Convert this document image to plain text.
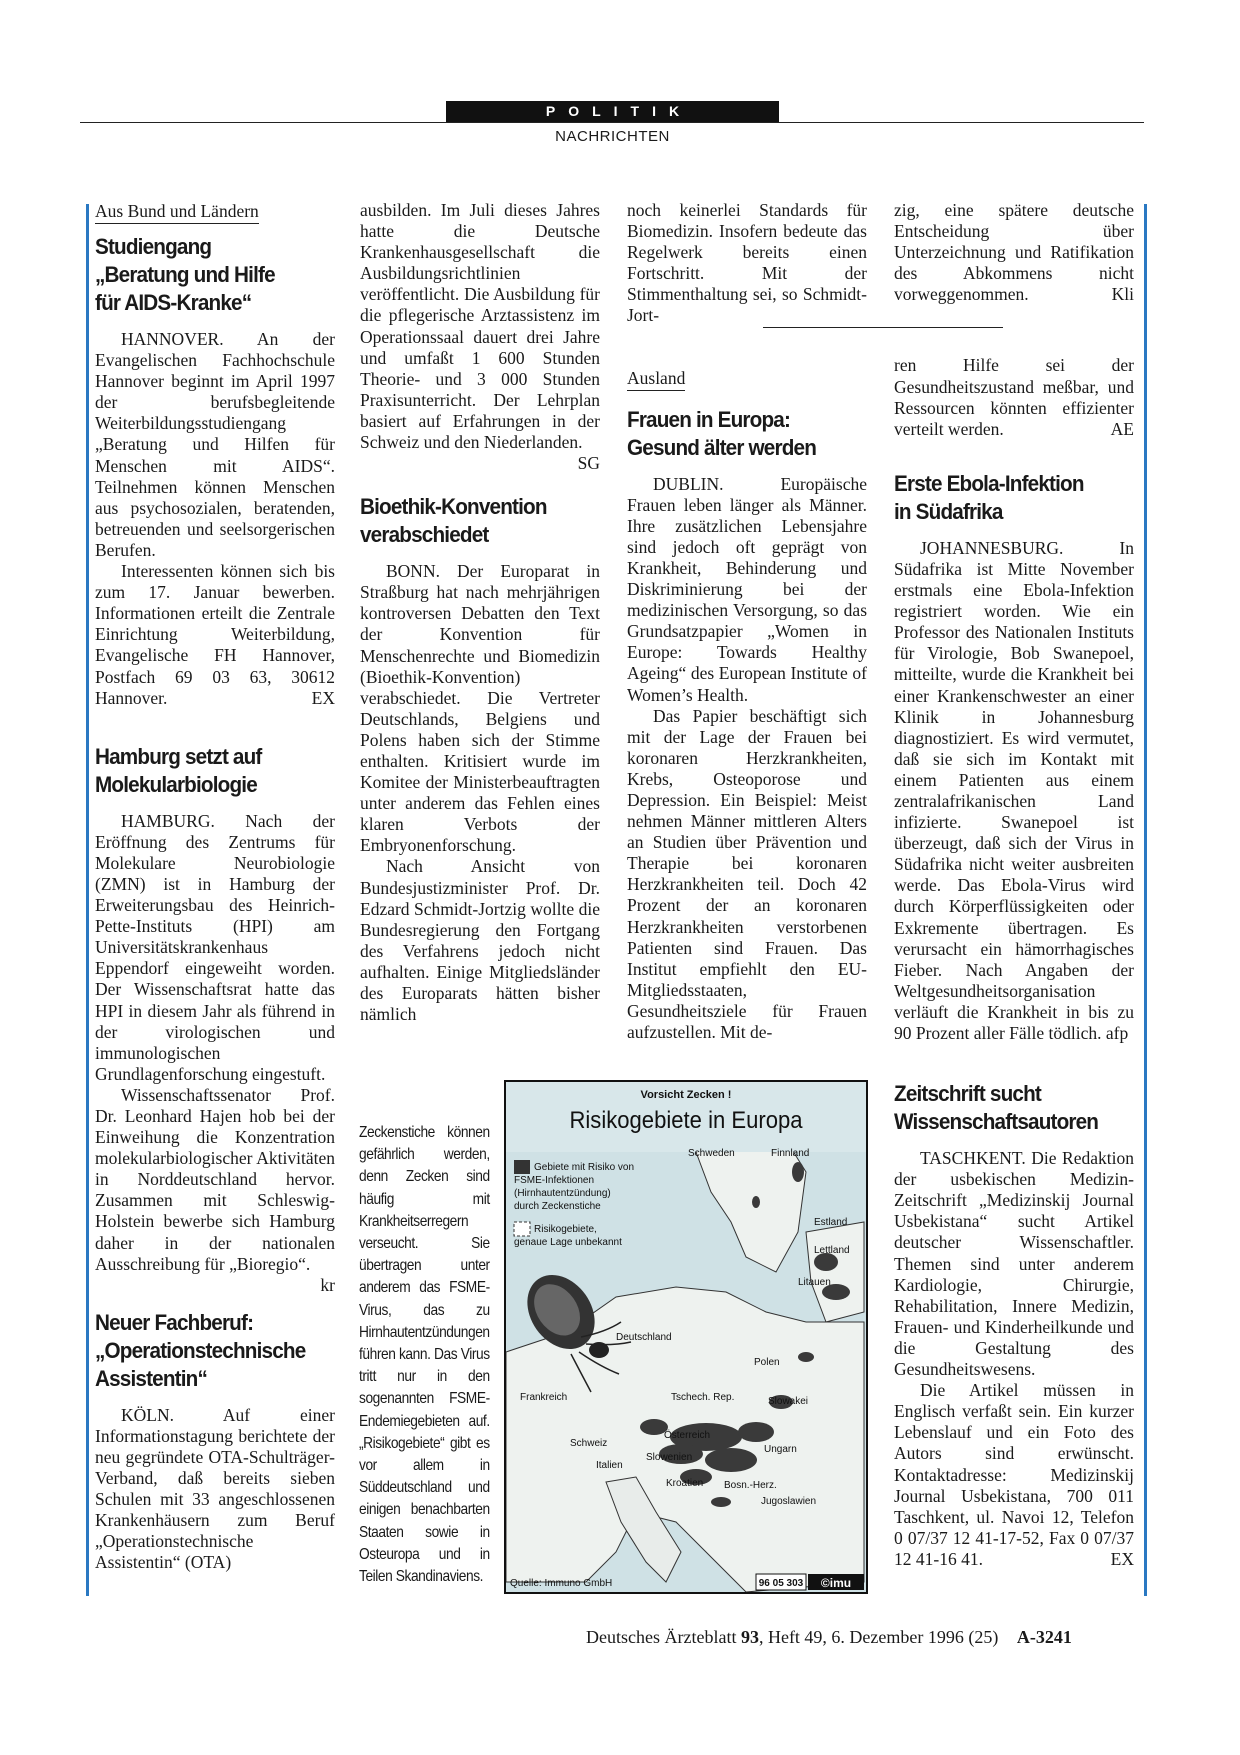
POLITIK
NACHRICHTEN
Aus Bund und Ländern
Studiengang
„Beratung und Hilfe
für AIDS-Kranke“

HANNOVER. An der Evangelischen Fachhochschule Hannover beginnt im April 1997 der berufsbegleitende Weiterbildungsstudiengang „Beratung und Hilfen für Menschen mit AIDS“. Teilnehmen können Menschen aus psychosozialen, beratenden, betreuenden und seelsorgerischen Berufen.

Interessenten können sich bis zum 17. Januar bewerben. Informationen erteilt die Zentrale Einrichtung Weiterbildung, Evangelische FH Hannover, Postfach 69 03 63, 30612 Hannover.	EX

Hamburg setzt auf
Molekularbiologie

HAMBURG. Nach der Eröffnung des Zentrums für Molekulare Neurobiologie (ZMN) ist in Hamburg der Erweiterungsbau des Heinrich-Pette-Instituts (HPI) am Universitätskrankenhaus Eppendorf eingeweiht worden. Der Wissenschaftsrat hatte das HPI in diesem Jahr als führend in der virologischen und immunologischen Grundlagenforschung eingestuft.

Wissenschaftssenator Prof. Dr. Leonhard Hajen hob bei der Einweihung die Konzentration molekularbiologischer Aktivitäten in Norddeutschland hervor. Zusammen mit Schleswig-Holstein bewerbe sich Hamburg daher in der nationalen Ausschreibung für „Bioregio“.
kr

Neuer Fachberuf:
„Operationstechnische
Assistentin“

KÖLN. Auf einer Informationstagung berichtete der neu gegründete OTA-Schulträger-Verband, daß bereits sieben Schulen mit 33 angeschlossenen Krankenhäusern zum Beruf „Operationstechnische Assistentin“ (OTA)

ausbilden. Im Juli dieses Jahres hatte die Deutsche Krankenhausgesellschaft die Ausbildungsrichtlinien veröffentlicht. Die Ausbildung für die pflegerische Arztassistenz im Operationssaal dauert drei Jahre und umfaßt 1 600 Stunden Theorie- und 3 000 Stunden Praxisunterricht. Der Lehrplan basiert auf Erfahrungen in der Schweiz und den Niederlanden.
SG

Bioethik-Konvention
verabschiedet

BONN. Der Europarat in Straßburg hat nach mehrjährigen kontroversen Debatten den Text der Konvention für Menschenrechte und Biomedizin (Bioethik-Konvention) verabschiedet. Die Vertreter Deutschlands, Belgiens und Polens haben sich der Stimme enthalten. Kritisiert wurde im Komitee der Ministerbeauftragten unter anderem das Fehlen eines klaren Verbots der Embryonenforschung.

Nach Ansicht von Bundesjustizminister Prof. Dr. Edzard Schmidt-Jortzig wollte die Bundesregierung den Fortgang des Verfahrens jedoch nicht aufhalten. Einige Mitgliedsländer des Europarats hätten bisher nämlich

noch keinerlei Standards für Biomedizin. Insofern bedeute das Regelwerk bereits einen Fortschritt. Mit der Stimmenthaltung sei, so Schmidt-Jort-

Ausland
Frauen in Europa:
Gesund älter werden

DUBLIN. Europäische Frauen leben länger als Männer. Ihre zusätzlichen Lebensjahre sind jedoch oft geprägt von Krankheit, Behinderung und Diskriminierung bei der medizinischen Versorgung, so das Grundsatzpapier „Women in Europe: Towards Healthy Ageing“ des European Institute of Women’s Health.

Das Papier beschäftigt sich mit der Lage der Frauen bei koronaren Herzkrankheiten, Krebs, Osteoporose und Depression. Ein Beispiel: Meist nehmen Männer mittleren Alters an Studien über Prävention und Therapie bei koronaren Herzkrankheiten teil. Doch 42 Prozent der an koronaren Herzkrankheiten verstorbenen Patienten sind Frauen. Das Institut empfiehlt den EU-Mitgliedsstaaten, Gesundheitsziele für Frauen aufzustellen. Mit de-

zig, eine spätere deutsche Entscheidung über Unterzeichnung und Ratifikation des Abkommens nicht vorweggenommen.	Kli

ren Hilfe sei der Gesundheitszustand meßbar, und Ressourcen könnten effizienter verteilt werden.	AE

Erste Ebola-Infektion
in Südafrika

JOHANNESBURG. In Südafrika ist Mitte November erstmals eine Ebola-Infektion registriert worden. Wie ein Professor des Nationalen Instituts für Virologie, Bob Swanepoel, mitteilte, wurde die Krankheit bei einer Krankenschwester an einer Klinik in Johannesburg diagnostiziert. Es wird vermutet, daß sie sich im Kontakt mit einem Patienten aus einem zentralafrikanischen Land infizierte. Swanepoel ist überzeugt, daß sich der Virus in Südafrika nicht weiter ausbreiten werde. Das Ebola-Virus wird durch Körperflüssigkeiten oder Exkremente übertragen. Es verursacht ein hämorrhagisches Fieber. Nach Angaben der Weltgesundheitsorganisation verläuft die Krankheit in bis zu 90 Prozent aller Fälle tödlich. afp

Zeitschrift sucht
Wissenschaftsautoren

TASCHKENT. Die Redaktion der usbekischen Medizin-Zeitschrift „Medizinskij Journal Usbekistana“ sucht Artikel deutscher Wissenschaftler. Themen sind unter anderem Kardiologie, Chirurgie, Rehabilitation, Innere Medizin, Frauen- und Kinderheilkunde und die Gestaltung des Gesundheitswesens.

Die Artikel müssen in Englisch verfaßt sein. Ein kurzer Lebenslauf und ein Foto des Autors sind erwünscht. Kontaktadresse: Medizinskij Journal Usbekistana, 700 011 Taschkent, ul. Navoi 12, Telefon 0 07/37 12 41-17-52, Fax 0 07/37 12 41-16 41.	EX

Zeckenstiche können gefährlich werden, denn Zecken sind häufig mit Krankheitserregern verseucht. Sie übertragen unter anderem das FSME-Virus, das zu Hirnhautentzündungen führen kann. Das Virus tritt nur in den sogenannten FSME-Endemiegebieten auf. „Risikogebiete“ gibt es vor allem in Süddeutschland und einigen benachbarten Staaten sowie in Osteuropa und in Teilen Skandinaviens.
Vorsicht Zecken !
Risikogebiete in Europa
Gebiete mit Risiko von FSME-Infektionen (Hirnhautentzündung) durch Zeckenstiche
Risikogebiete, genaue Lage unbekannt
Schweden	Finnland
Estland
Lettland
Litauen
Deutschland
Polen
Frankreich	Tschech. Rep.	Slowakei
Österreich
Ungarn
Schweiz
Slowenien
Italien
Kroatien Bosn.-Herz.
Jugoslawien
Quelle: Immuno GmbH	96 05 303 ©imu
Deutsches Ärzteblatt 93, Heft 49, 6. Dezember 1996 (25) A-3241
